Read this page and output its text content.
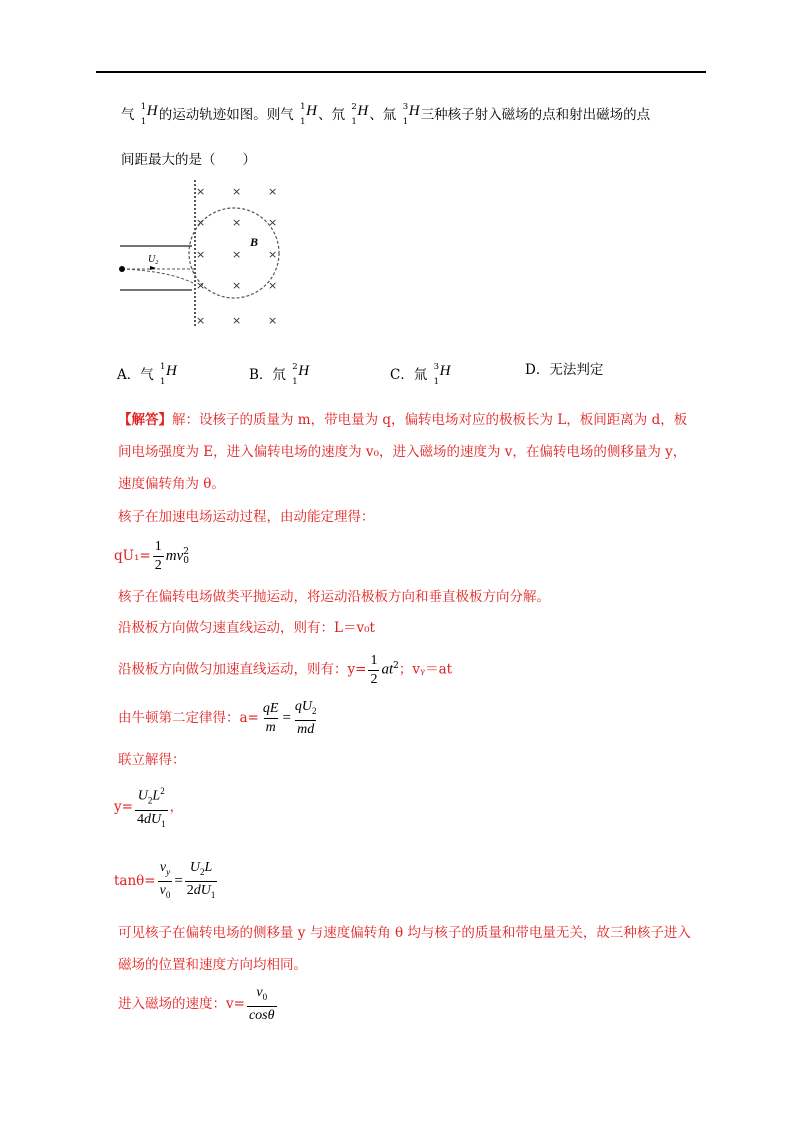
气 1
1
H 的运动轨迹如图。则气 1
1
H 、氘 2
1
H 、氚 3
1
H 三种核子射入磁场的点和射出磁场的点
间距最大的是（　　）
$U_2$
B
× × ×
× × ×
× × ×
× × ×
× × ×
A．气 1
1
H	B．氘 2
1
H	C．氚 3
1
H	D．无法判定
【解答】解：设核子的质量为 m，带电量为 q，偏转电场对应的极板长为 L，板间距离为 d，板
间电场强度为 E，进入偏转电场的速度为 v₀，进入磁场的速度为 v，在偏转电场的侧移量为 y，
速度偏转角为 θ。
核子在加速电场运动过程，由动能定理得：
$qU_1= \frac{1}{2}$ mv 2
0
核子在偏转电场做类平抛运动，将运动沿极板方向和垂直极板方向分解。
沿极板方向做匀速直线运动，则有：L＝v₀t
沿极板方向做匀加速直线运动，则有：$y= \frac{1}{2} at^2$；vᵧ＝at
由牛顿第二定律得：$a= \frac{qE}{m} = \frac{qU_2}{md}$
联立解得：
$y= \frac{U_2L^2}{4dU_1}$ ，
$\tan\theta= \frac{v_y}{v_0} = \frac{U_2L}{2dU_1}$
可见核子在偏转电场的侧移量 y 与速度偏转角 θ 均与核子的质量和带电量无关，故三种核子进入
磁场的位置和速度方向均相同。
进入磁场的速度：$v= \frac{v_0}{\cos\theta}$
